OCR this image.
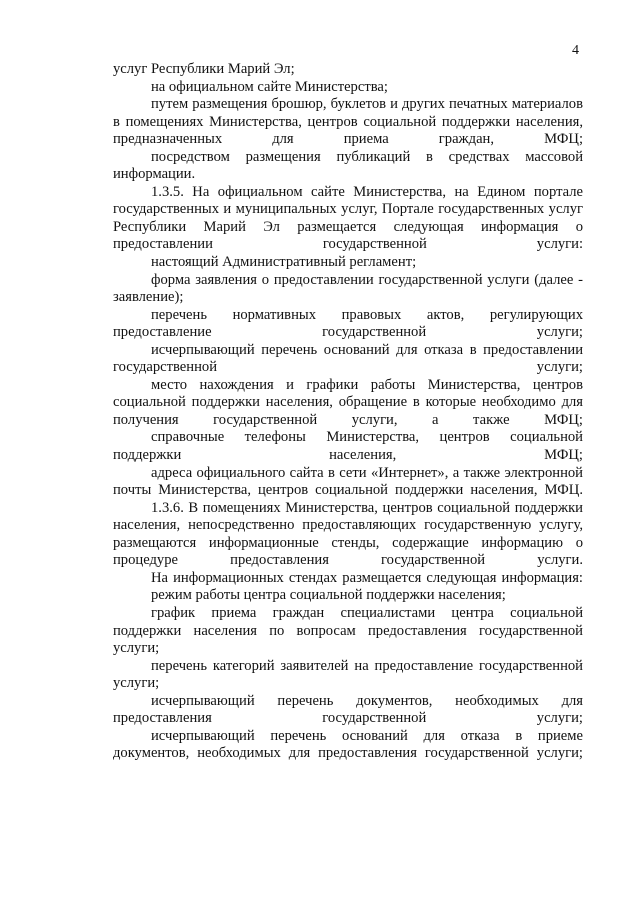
4

услуг Республики Марий Эл;

на официальном сайте Министерства;

путем размещения брошюр, буклетов и других печатных материалов в помещениях Министерства, центров социальной поддержки населения, предназначенных для приема граждан, МФЦ;

посредством размещения публикаций в средствах массовой информации.

1.3.5. На официальном сайте Министерства, на Едином портале государственных и муниципальных услуг, Портале государственных услуг Республики Марий Эл размещается следующая информация о предоставлении государственной услуги:

настоящий Административный регламент;

форма заявления о предоставлении государственной услуги (далее - заявление);

перечень нормативных правовых актов, регулирующих предоставление государственной услуги;

исчерпывающий перечень оснований для отказа в предоставлении государственной услуги;

место нахождения и графики работы Министерства, центров социальной поддержки населения, обращение в которые необходимо для получения государственной услуги, а также МФЦ;

справочные телефоны Министерства, центров социальной поддержки населения, МФЦ;

адреса официального сайта в сети «Интернет», а также электронной почты Министерства, центров социальной поддержки населения, МФЦ.

1.3.6. В помещениях Министерства, центров социальной поддержки населения, непосредственно предоставляющих государственную услугу, размещаются информационные стенды, содержащие информацию о процедуре предоставления государственной услуги.

На информационных стендах размещается следующая информация:

режим работы центра социальной поддержки населения;

график приема граждан специалистами центра социальной поддержки населения по вопросам предоставления государственной услуги;

перечень категорий заявителей на предоставление государственной услуги;

исчерпывающий перечень документов, необходимых для предоставления государственной услуги;

исчерпывающий перечень оснований для отказа в приеме документов, необходимых для предоставления государственной услуги;
